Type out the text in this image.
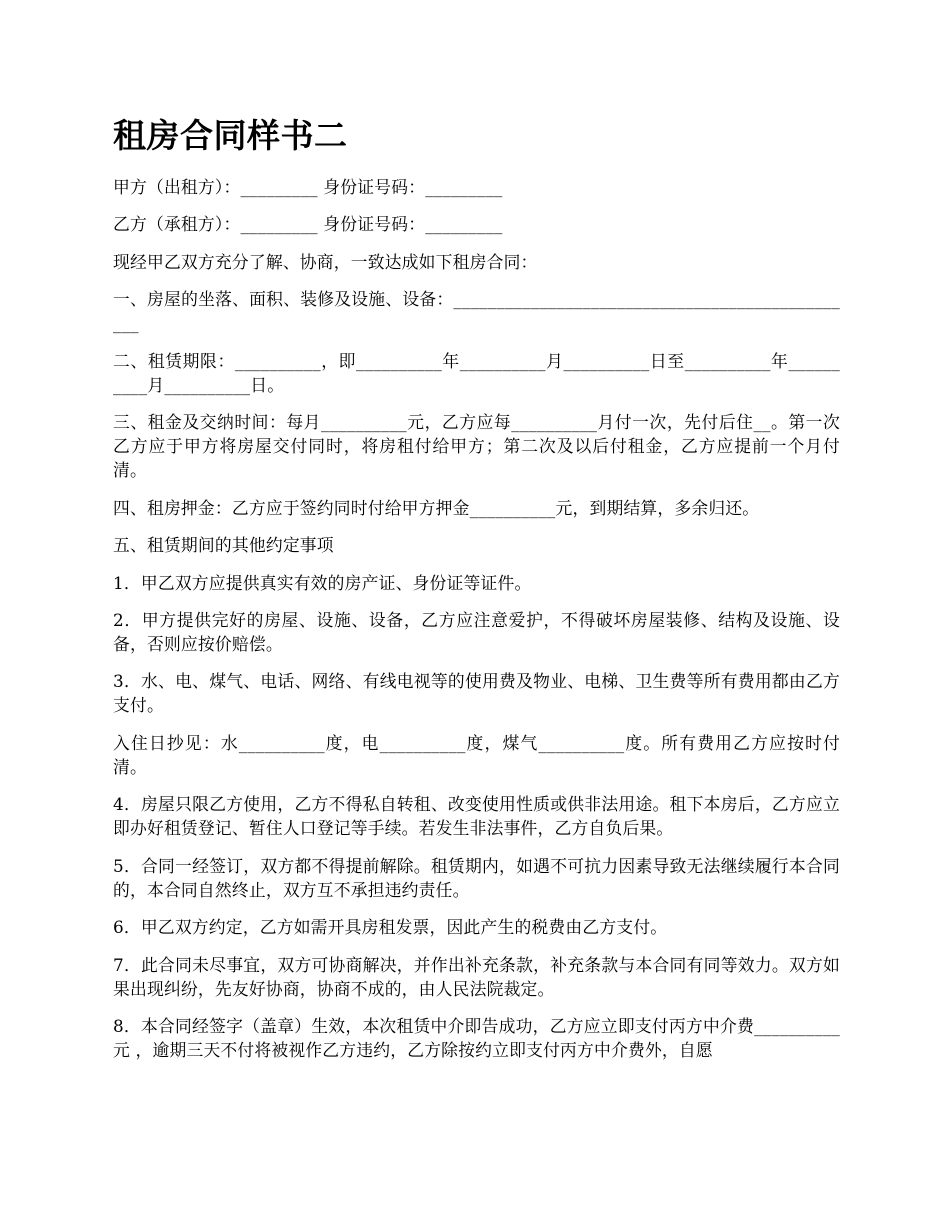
租房合同样书二

甲方（出租方）：_________ 身份证号码：_________

乙方（承租方）：_________ 身份证号码：_________

现经甲乙双方充分了解、协商，一致达成如下租房合同：

一、房屋的坐落、面积、装修及设施、设备：________________________________________________

二、租赁期限：__________，即__________年__________月__________日至__________年__________月__________日。

三、租金及交纳时间：每月__________元，乙方应每__________月付一次，先付后住__。第一次乙方应于甲方将房屋交付同时，将房租付给甲方；第二次及以后付租金，乙方应提前一个月付清。

四、租房押金：乙方应于签约同时付给甲方押金__________元，到期结算，多余归还。

五、租赁期间的其他约定事项

1．甲乙双方应提供真实有效的房产证、身份证等证件。

2．甲方提供完好的房屋、设施、设备，乙方应注意爱护，不得破坏房屋装修、结构及设施、设备，否则应按价赔偿。

3．水、电、煤气、电话、网络、有线电视等的使用费及物业、电梯、卫生费等所有费用都由乙方支付。

入住日抄见：水__________度，电__________度，煤气__________度。所有费用乙方应按时付清。

4．房屋只限乙方使用，乙方不得私自转租、改变使用性质或供非法用途。租下本房后，乙方应立即办好租赁登记、暂住人口登记等手续。若发生非法事件，乙方自负后果。

5．合同一经签订，双方都不得提前解除。租赁期内，如遇不可抗力因素导致无法继续履行本合同的，本合同自然终止，双方互不承担违约责任。

6．甲乙双方约定，乙方如需开具房租发票，因此产生的税费由乙方支付。

7．此合同未尽事宜，双方可协商解决，并作出补充条款，补充条款与本合同有同等效力。双方如果出现纠纷，先友好协商，协商不成的，由人民法院裁定。

8．本合同经签字（盖章）生效，本次租赁中介即告成功，乙方应立即支付丙方中介费__________元 ，逾期三天不付将被视作乙方违约，乙方除按约立即支付丙方中介费外，自愿
